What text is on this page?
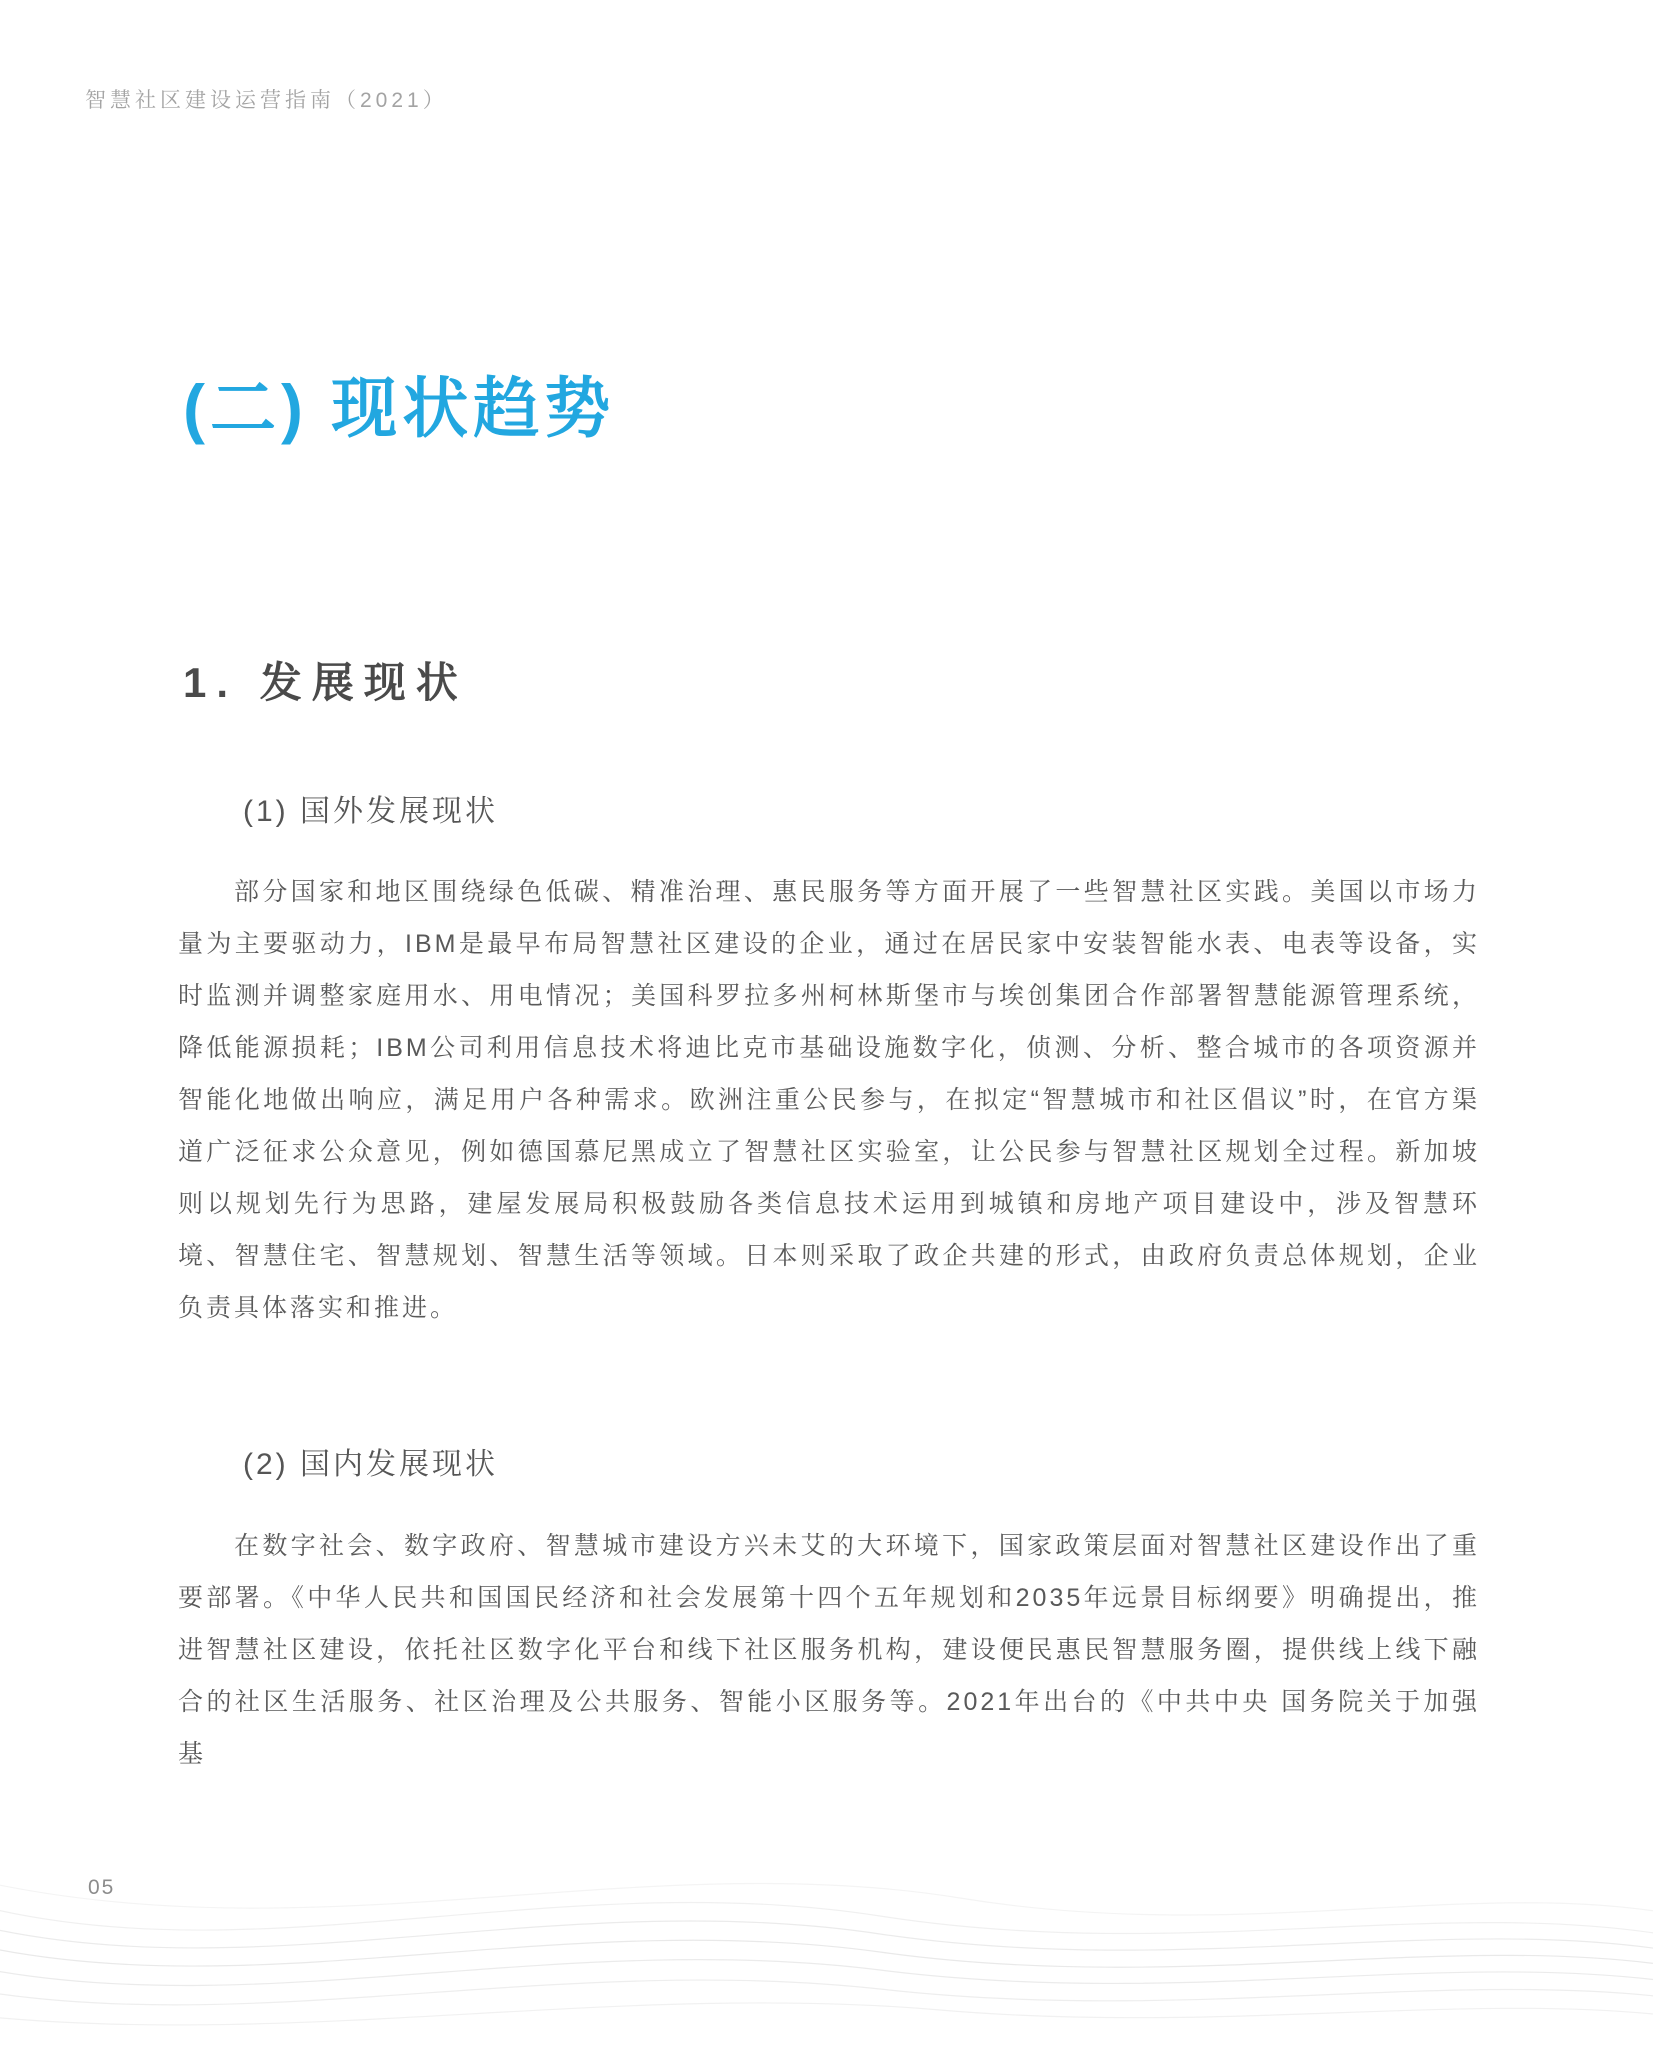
智慧社区建设运营指南（2021）
(二) 现状趋势
1. 发展现状
(1) 国外发展现状

部分国家和地区围绕绿色低碳、精准治理、惠民服务等方面开展了一些智慧社区实践。美国以市场力量为主要驱动力，IBM是最早布局智慧社区建设的企业，通过在居民家中安装智能水表、电表等设备，实时监测并调整家庭用水、用电情况；美国科罗拉多州柯林斯堡市与埃创集团合作部署智慧能源管理系统，降低能源损耗；IBM公司利用信息技术将迪比克市基础设施数字化，侦测、分析、整合城市的各项资源并智能化地做出响应，满足用户各种需求。欧洲注重公民参与，在拟定“智慧城市和社区倡议”时，在官方渠道广泛征求公众意见，例如德国慕尼黑成立了智慧社区实验室，让公民参与智慧社区规划全过程。新加坡则以规划先行为思路，建屋发展局积极鼓励各类信息技术运用到城镇和房地产项目建设中，涉及智慧环境、智慧住宅、智慧规划、智慧生活等领域。日本则采取了政企共建的形式，由政府负责总体规划，企业负责具体落实和推进。

(2) 国内发展现状

在数字社会、数字政府、智慧城市建设方兴未艾的大环境下，国家政策层面对智慧社区建设作出了重要部署。《中华人民共和国国民经济和社会发展第十四个五年规划和2035年远景目标纲要》明确提出，推进智慧社区建设，依托社区数字化平台和线下社区服务机构，建设便民惠民智慧服务圈，提供线上线下融合的社区生活服务、社区治理及公共服务、智能小区服务等。2021年出台的《中共中央 国务院关于加强基

05
